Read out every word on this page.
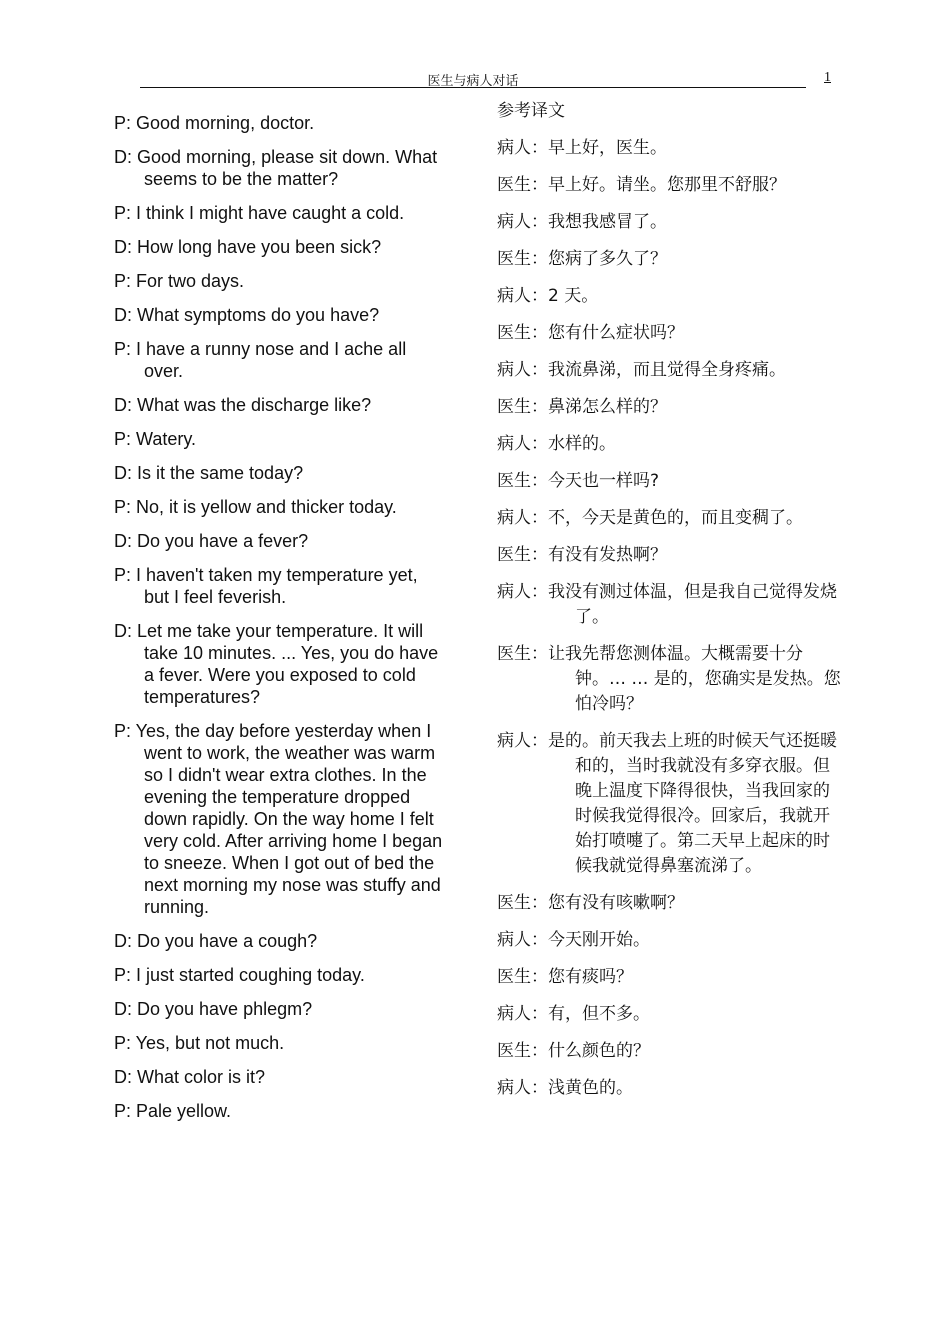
医生与病人对话	1

P: Good morning, doctor.

D: Good morning, please sit down. What seems to be the matter?

P: I think I might have caught a cold.

D: How long have you been sick?

P: For two days.

D: What symptoms do you have?

P: I have a runny nose and I ache all over.

D: What was the discharge like?

P: Watery.

D: Is it the same today?

P: No, it is yellow and thicker today.

D: Do you have a fever?

P: I haven't taken my temperature yet, but I feel feverish.

D: Let me take your temperature. It will take 10 minutes. ... Yes, you do have a fever. Were you exposed to cold temperatures?

P: Yes, the day before yesterday when I went to work, the weather was warm so I didn't wear extra clothes. In the evening the temperature dropped down rapidly. On the way home I felt very cold. After arriving home I began to sneeze. When I got out of bed the next morning my nose was stuffy and running.

D: Do you have a cough?

P: I just started coughing today.

D: Do you have phlegm?

P: Yes, but not much.

D: What color is it?

P: Pale yellow.

参考译文

病人：早上好，医生。

医生：早上好。请坐。您那里不舒服？

病人：我想我感冒了。

医生：您病了多久了？

病人：2 天。

医生：您有什么症状吗？

病人：我流鼻涕，而且觉得全身疼痛。

医生：鼻涕怎么样的？

病人：水样的。

医生：今天也一样吗?

病人：不，今天是黄色的，而且变稠了。

医生：有没有发热啊？

病人：我没有测过体温，但是我自己觉得发烧了。

医生：让我先帮您测体温。大概需要十分钟。… … 是的，您确实是发热。您怕冷吗？

病人：是的。前天我去上班的时候天气还挺暖和的，当时我就没有多穿衣服。但晚上温度下降得很快，当我回家的时候我觉得很冷。回家后，我就开始打喷嚏了。第二天早上起床的时候我就觉得鼻塞流涕了。

医生：您有没有咳嗽啊？

病人：今天刚开始。

医生：您有痰吗？

病人：有，但不多。

医生：什么颜色的？

病人：浅黄色的。
